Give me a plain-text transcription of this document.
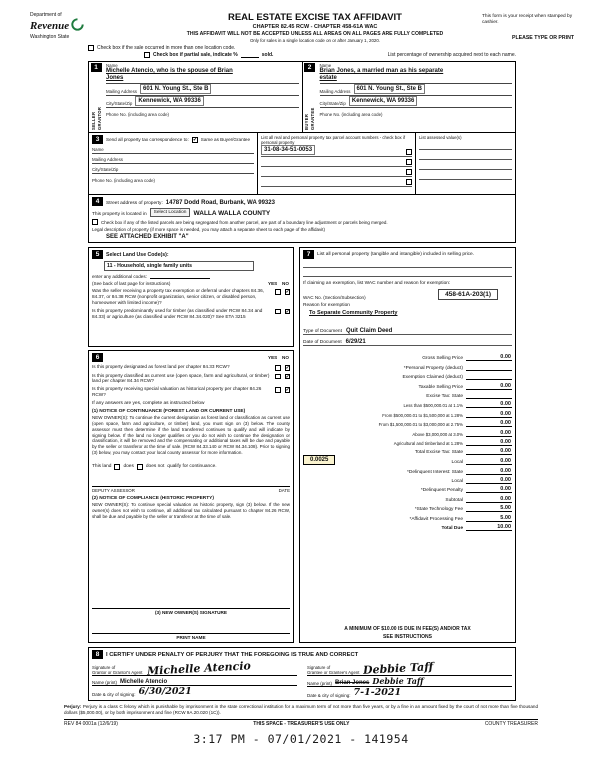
Department of
Revenue
Washington State
REAL ESTATE EXCISE TAX AFFIDAVIT
CHAPTER 82.45 RCW - CHAPTER 458-61A WAC
THIS AFFIDAVIT WILL NOT BE ACCEPTED UNLESS ALL AREAS ON ALL PAGES ARE FULLY COMPLETED
Only for sales in a single location code on or after January 1, 2020.
This form is your receipt when stamped by cashier.
PLEASE TYPE OR PRINT
Check box if the sale occurred in more than one location code.
Check box if partial sale, indicate %	sold.	List percentage of ownership acquired next to each name.
1
SELLER GRANTOR
Name
Michelle Atencio, who is the spouse of Brian Jones
Mailing Address	601 N. Young St., Ste B
City/State/Zip	Kennewick, WA 99336
Phone No. (including area code)
2
BUYER GRANTEE
Name
Brian Jones, a married man as his separate estate
Mailing Address	601 N. Young St., Ste B
City/State/Zip	Kennewick, WA 99336
Phone No. (including area code)
3	Send all property tax correspondence to: ✓ Same as Buyer/Grantee
Name
Mailing Address
City/State/Zip
Phone No. (including area code)
List all real and personal property tax parcel account numbers - check box if personal property
31-08-34-51-0053
List assessed value(s)
4	Street address of property: 14787 Dodd Road, Burbank, WA 99323
This property is located in	Select Location	WALLA WALLA COUNTY
Check box if any of the listed parcels are being segregated from another parcel, are part of a boundary line adjustment or parcels being merged.
Legal description of property (if more space is needed, you may attach a separate sheet to each page of the affidavit)
SEE ATTACHED EXHIBIT "A"
5	Select Land Use Code(s):
11 - Household, single family units
enter any additional codes:
(See back of last page for instructions)	YES NO
Was the seller receiving a property tax exemption or deferral under chapters 84.36, 84.37, or 84.38 RCW (nonprofit organization, senior citizen, or disabled person, homeowner with limited income)?
✓
Is this property predominantly used for timber (as classified under RCW 84.34 and 84.33) or agriculture (as classified under RCW 84.34.020)? See ETA 3215
✓
6	YES NO
Is this property designated as forest land per chapter 84.33 RCW?	✓
Is this property classified as current use (open space, farm and agricultural, or timber) land per chapter 84.34 RCW?
✓
Is this property receiving special valuation as historical property per chapter 84.26 RCW?
✓
If any answers are yes, complete as instructed below
(1) NOTICE OF CONTINUANCE (FOREST LAND OR CURRENT USE)
NEW OWNER(S): To continue the current designation as forest land or classification as current use (open space, farm and agriculture, or timber) land, you must sign on (3) below. The county assessor must then determine if the land transferred continues to qualify and will indicate by signing below. If the land no longer qualifies or you do not wish to continue the designation or classification, it will be removed and the compensating or additional taxes will be due and payable by the seller or transferor at the time of sale. (RCW 84.33.140 or RCW 84.34.108). Prior to signing (3) below, you may contact your local county assessor for more information.
This land	does	does not qualify for continuance.
DEPUTY ASSESSOR	DATE
(2) NOTICE OF COMPLIANCE (HISTORIC PROPERTY)
NEW OWNER(S): To continue special valuation as historic property, sign (3) below. If the new owner(s) does not wish to continue, all additional tax calculated pursuant to chapter 84.26 RCW, shall be due and payable by the seller or transferor at the time of sale.
(3) NEW OWNER(S) SIGNATURE
PRINT NAME
7	List all personal property (tangible and intangible) included in selling price.
If claiming an exemption, list WAC number and reason for exemption:
WAC No. (Section/Subsection)	458-61A-203(1)
Reason for exemption
To Separate Community Property
Type of Document Quit Claim Deed
Date of Document 6/29/21
Gross Selling Price	0.00
*Personal Property (deduct)
Exemption Claimed (deduct)
Taxable Selling Price	0.00
Excise Tax: State
Less than $500,000.01 at 1.1%	0.00
From $500,000.01 to $1,500,000 at 1.28%	0.00
From $1,500,000.01 to $3,000,000 at 2.75%	0.00
Above $3,000,000 at 3.0%	0.00
Agricultural and timberland at 1.28%	0.00
Total Excise Tax: State	0.00
0.0025	Local	0.00
*Delinquent Interest: State	0.00
Local	0.00
*Delinquent Penalty	0.00
Subtotal	0.00
*State Technology Fee	5.00
*Affidavit Processing Fee	5.00
Total Due	10.00
A MINIMUM OF $10.00 IS DUE IN FEE(S) AND/OR TAX
SEE INSTRUCTIONS
8	I CERTIFY UNDER PENALTY OF PERJURY THAT THE FOREGOING IS TRUE AND CORRECT
Signature of
Grantor or Grantor's Agent Michelle Atencio
Name (print) Michelle Atencio
Date & city of signing: 6/30/2021
Signature of
Grantee or Grantee's Agent Debbie Taff
Name (print) Brian Jones Debbie Taff
Date & city of signing: 7-1-2021
Perjury: Perjury is a class C felony which is punishable by imprisonment in the state correctional institution for a maximum term of not more than five years, or by a fine in an amount fixed by the court of not more than five thousand dollars ($5,000.00), or by both imprisonment and fine (RCW 9A.20.020 (1C)).
REV 84 0001a (12/6/19)	THIS SPACE - TREASURER'S USE ONLY	COUNTY TREASURER
3:17 PM - 07/01/2021 - 141954
